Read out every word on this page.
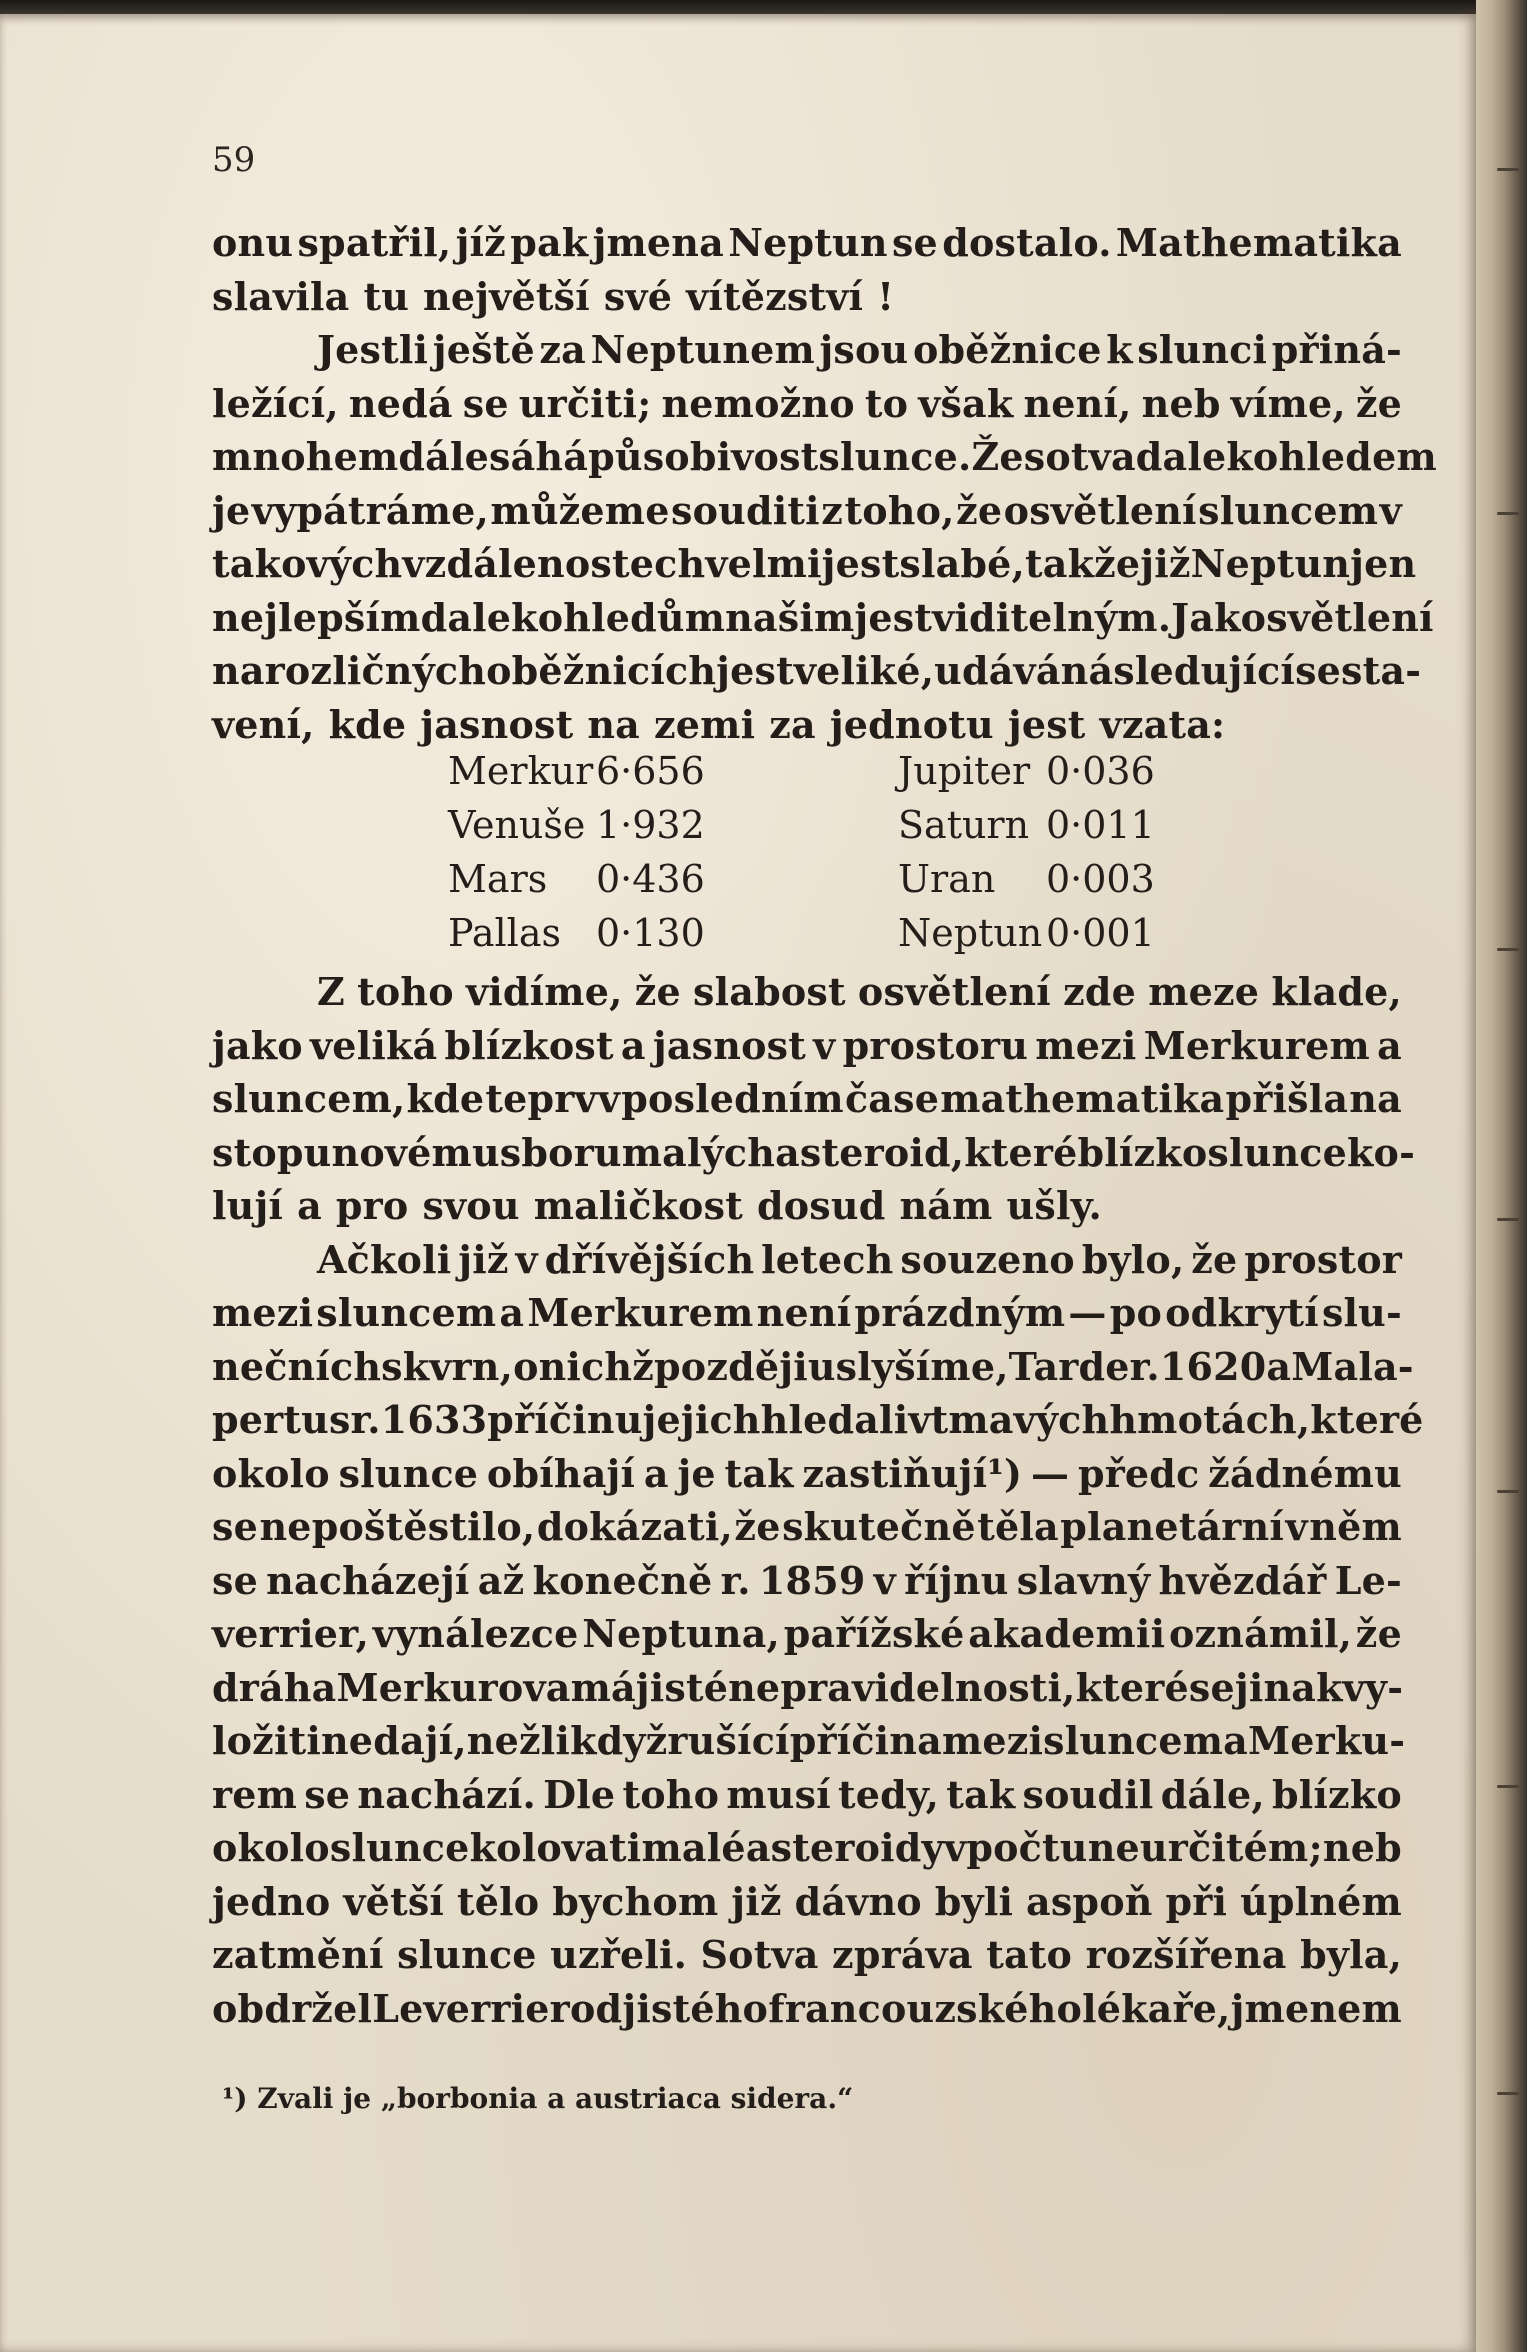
59
onu spatřil, jíž pak jmena Neptun se dostalo. Mathematika
slavila tu největší své vítězství !
Jestli ještě za Neptunem jsou oběžnice k slunci přiná-
ležící, nedá se určiti; nemožno to však není, neb víme, že
mnohem dále sáhá působivost slunce. Že sotva dalekohledem
je vypátráme, můžeme souditi z toho, že osvětlení sluncem v
takových vzdálenostech velmi jest slabé, takže již Neptun jen
nejlepším dalekohledům našim jest viditelným. Jak osvětlení
na rozličných oběžnicích jest veliké, udává následující sesta-
vení, kde jasnost na zemi za jednotu jest vzata:
Z toho vidíme, že slabost osvětlení zde meze klade,
jako veliká blízkost a jasnost v prostoru mezi Merkurem a
sluncem, kde teprv v posledním čase mathematika přišla na
stopu novému sboru malých asteroid, které blízko slunce ko-
lují a pro svou maličkost dosud nám ušly.
Ačkoli již v dřívějších letech souzeno bylo, že prostor
mezi sluncem a Merkurem není prázdným — po odkrytí slu-
nečních skvrn, o nichž později uslyšíme, Tarde r. 1620 a Mala-
pertus r. 1633 příčinu jejich hledali v tmavých hmotách, které
okolo slunce obíhají a je tak zastiňují¹) — předc žádnému
se nepoštěstilo, dokázati, že skutečně těla planetární v něm
se nacházejí až konečně r. 1859 v říjnu slavný hvězdář Le-
verrier, vynálezce Neptuna, pařížské akademii oznámil, že
dráha Merkurova má jisté nepravidelnosti, které se jinak vy-
ložiti nedají, nežli když rušící příčina mezi sluncem a Merku-
rem se nachází. Dle toho musí tedy, tak soudil dále, blízko
okolo slunce kolovati malé asteroidy v počtu neurčitém ; neb
jedno větší tělo bychom již dávno byli aspoň při úplném
zatmění slunce uzřeli. Sotva zpráva tato rozšířena byla,
obdržel Leverrier od jistého francouzského lékaře, jmenem
Merkur 6·656	Jupiter 0·036
Venuše 1·932	Saturn 0·011
Mars	0·436	Uran	0·003
Pallas 0·130	Neptun 0·001
¹) Zvali je „borbonia a austriaca sidera.“
